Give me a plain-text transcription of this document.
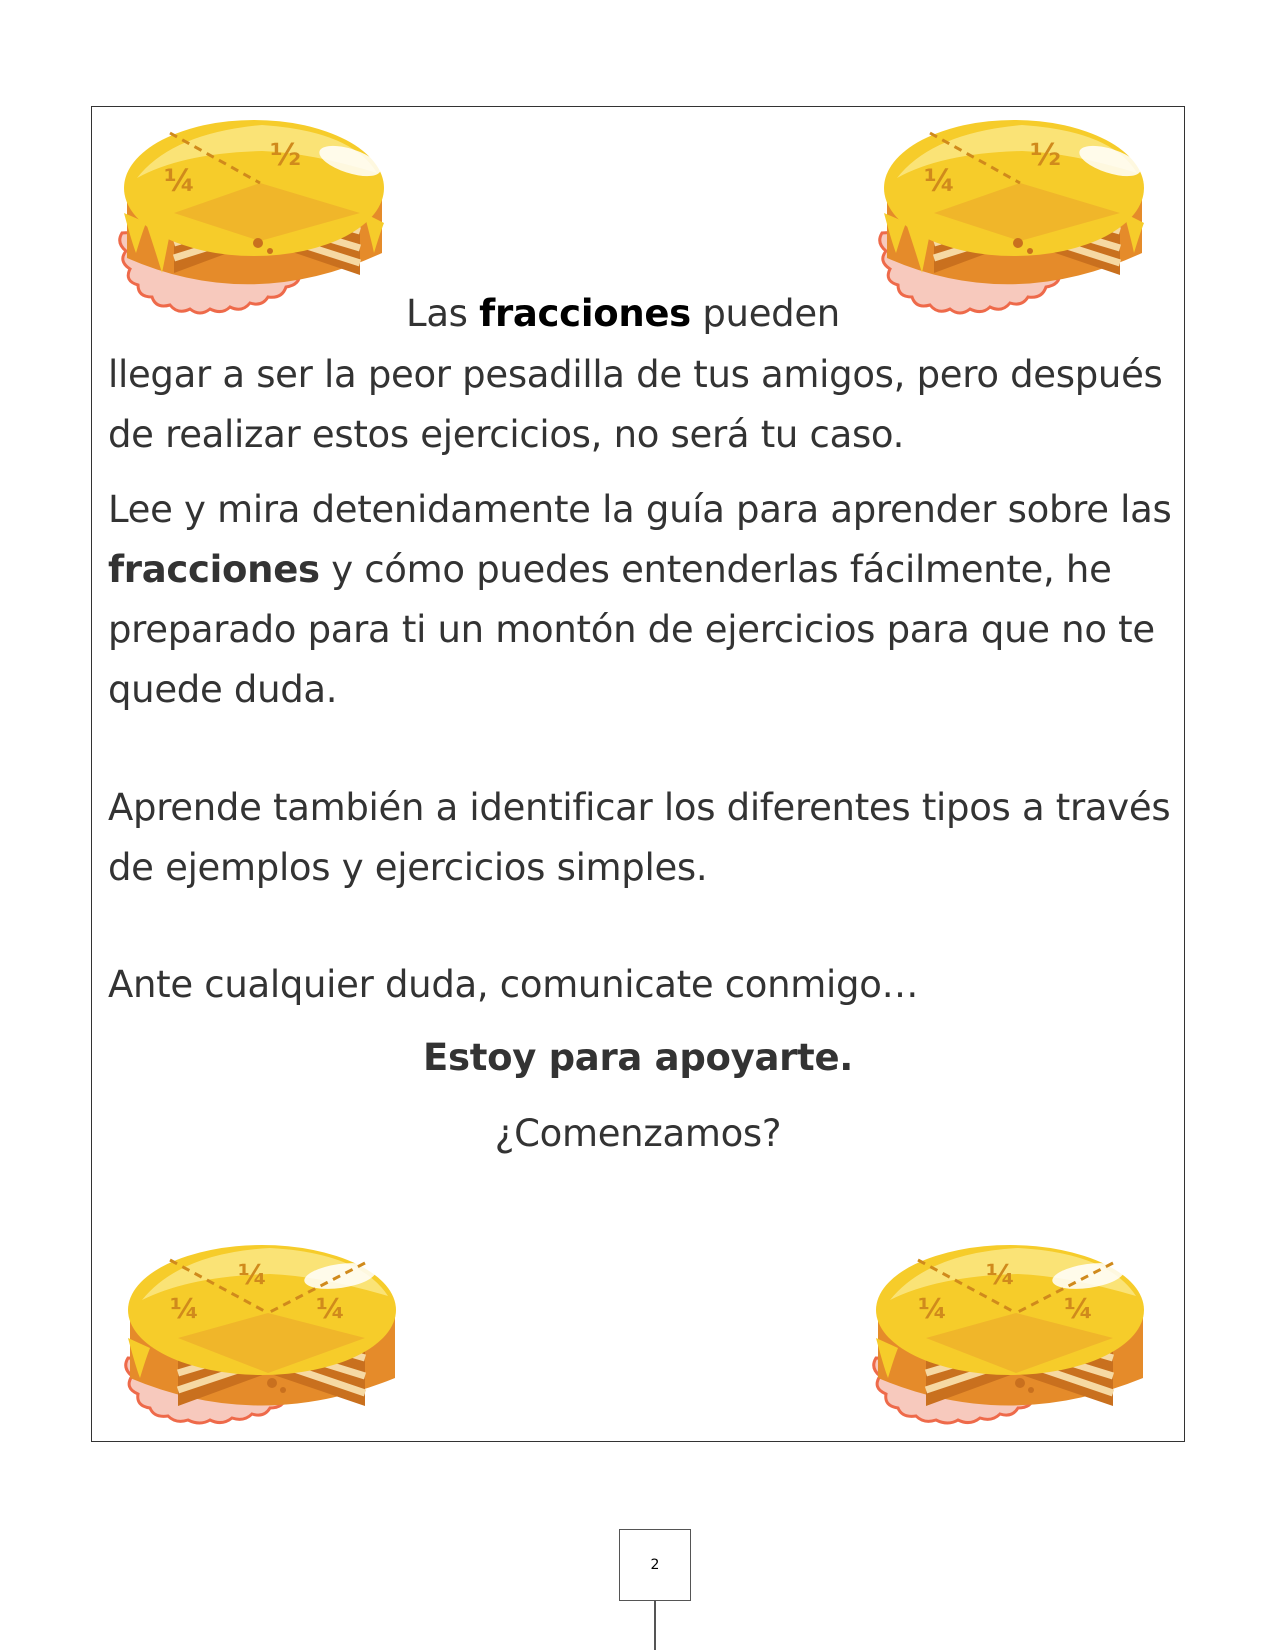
¼
½
¼
½

Las fracciones pueden

llegar a ser la peor pesadilla de tus amigos, pero después de realizar estos ejercicios, no será tu caso.

Lee y mira detenidamente la guía para aprender sobre las fracciones y cómo puedes entenderlas fácilmente, he preparado para ti un montón de ejercicios para que no te quede duda.

Aprende también a identificar los diferentes tipos a través de ejemplos y ejercicios simples.

Ante cualquier duda, comunicate conmigo…

Estoy para apoyarte.

¿Comenzamos?

¼
¼
¼	¼
¼
¼
2
